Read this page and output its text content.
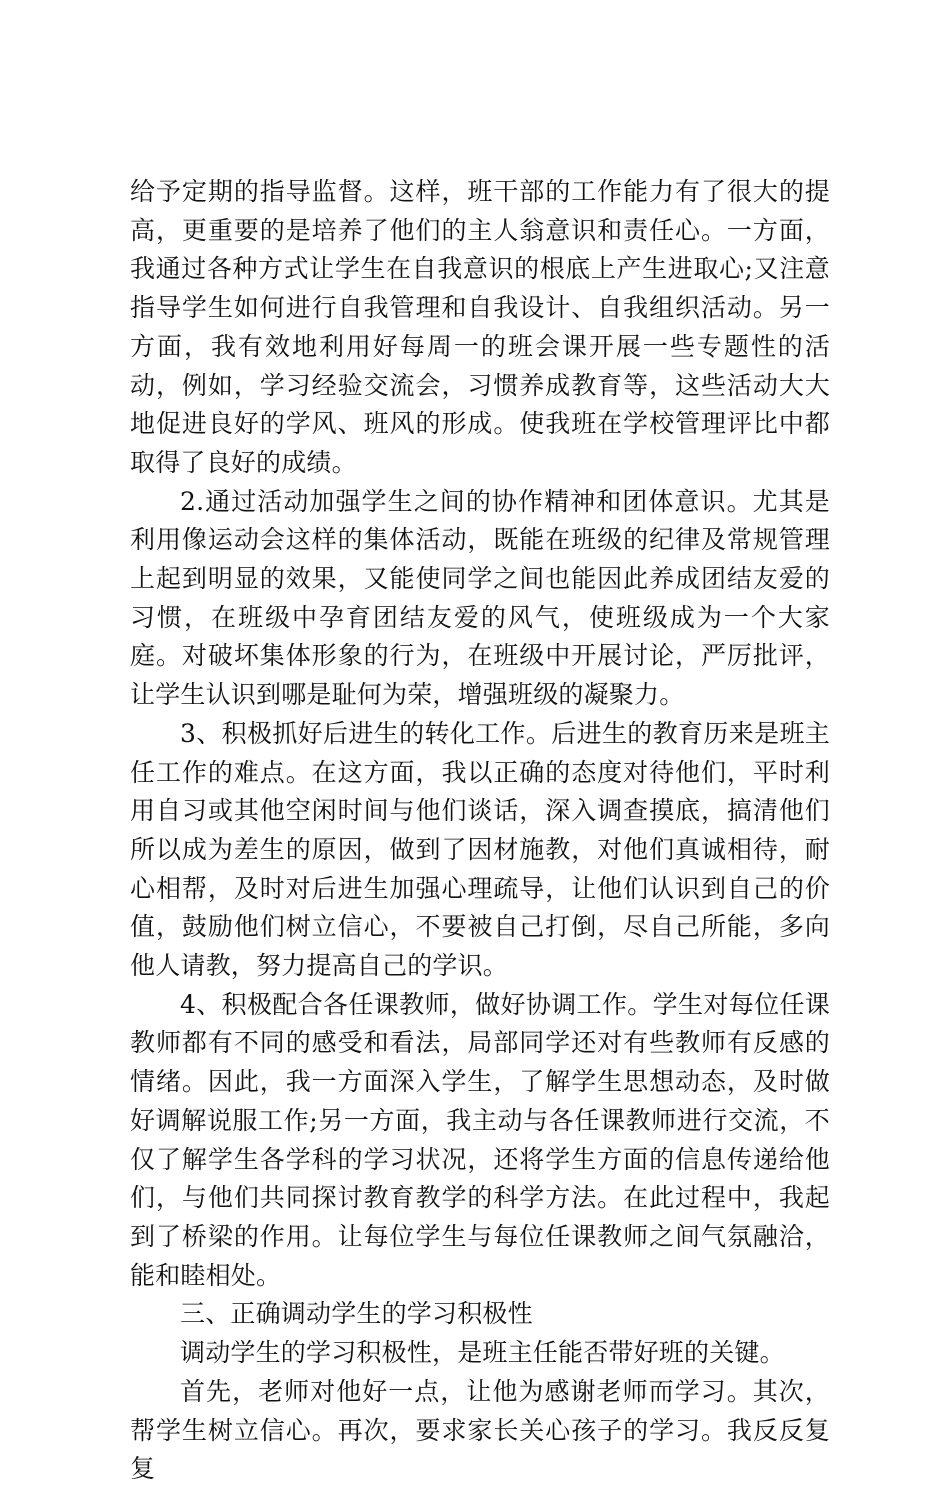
给予定期的指导监督。这样，班干部的工作能力有了很大的提高，更重要的是培养了他们的主人翁意识和责任心。一方面，我通过各种方式让学生在自我意识的根底上产生进取心;又注意指导学生如何进行自我管理和自我设计、自我组织活动。另一方面，我有效地利用好每周一的班会课开展一些专题性的活动，例如，学习经验交流会，习惯养成教育等，这些活动大大地促进良好的学风、班风的形成。使我班在学校管理评比中都取得了良好的成绩。

2.通过活动加强学生之间的协作精神和团体意识。尤其是利用像运动会这样的集体活动，既能在班级的纪律及常规管理上起到明显的效果，又能使同学之间也能因此养成团结友爱的习惯，在班级中孕育团结友爱的风气，使班级成为一个大家庭。对破坏集体形象的行为，在班级中开展讨论，严厉批评，让学生认识到哪是耻何为荣，增强班级的凝聚力。

3、积极抓好后进生的转化工作。后进生的教育历来是班主任工作的难点。在这方面，我以正确的态度对待他们，平时利用自习或其他空闲时间与他们谈话，深入调查摸底，搞清他们所以成为差生的原因，做到了因材施教，对他们真诚相待，耐心相帮，及时对后进生加强心理疏导，让他们认识到自己的价值，鼓励他们树立信心，不要被自己打倒，尽自己所能，多向他人请教，努力提高自己的学识。

4、积极配合各任课教师，做好协调工作。学生对每位任课教师都有不同的感受和看法，局部同学还对有些教师有反感的情绪。因此，我一方面深入学生，了解学生思想动态，及时做好调解说服工作;另一方面，我主动与各任课教师进行交流，不仅了解学生各学科的学习状况，还将学生方面的信息传递给他们，与他们共同探讨教育教学的科学方法。在此过程中，我起到了桥梁的作用。让每位学生与每位任课教师之间气氛融洽，能和睦相处。

三、正确调动学生的学习积极性

调动学生的学习积极性，是班主任能否带好班的关键。

首先，老师对他好一点，让他为感谢老师而学习。其次，帮学生树立信心。再次，要求家长关心孩子的学习。我反反复复
